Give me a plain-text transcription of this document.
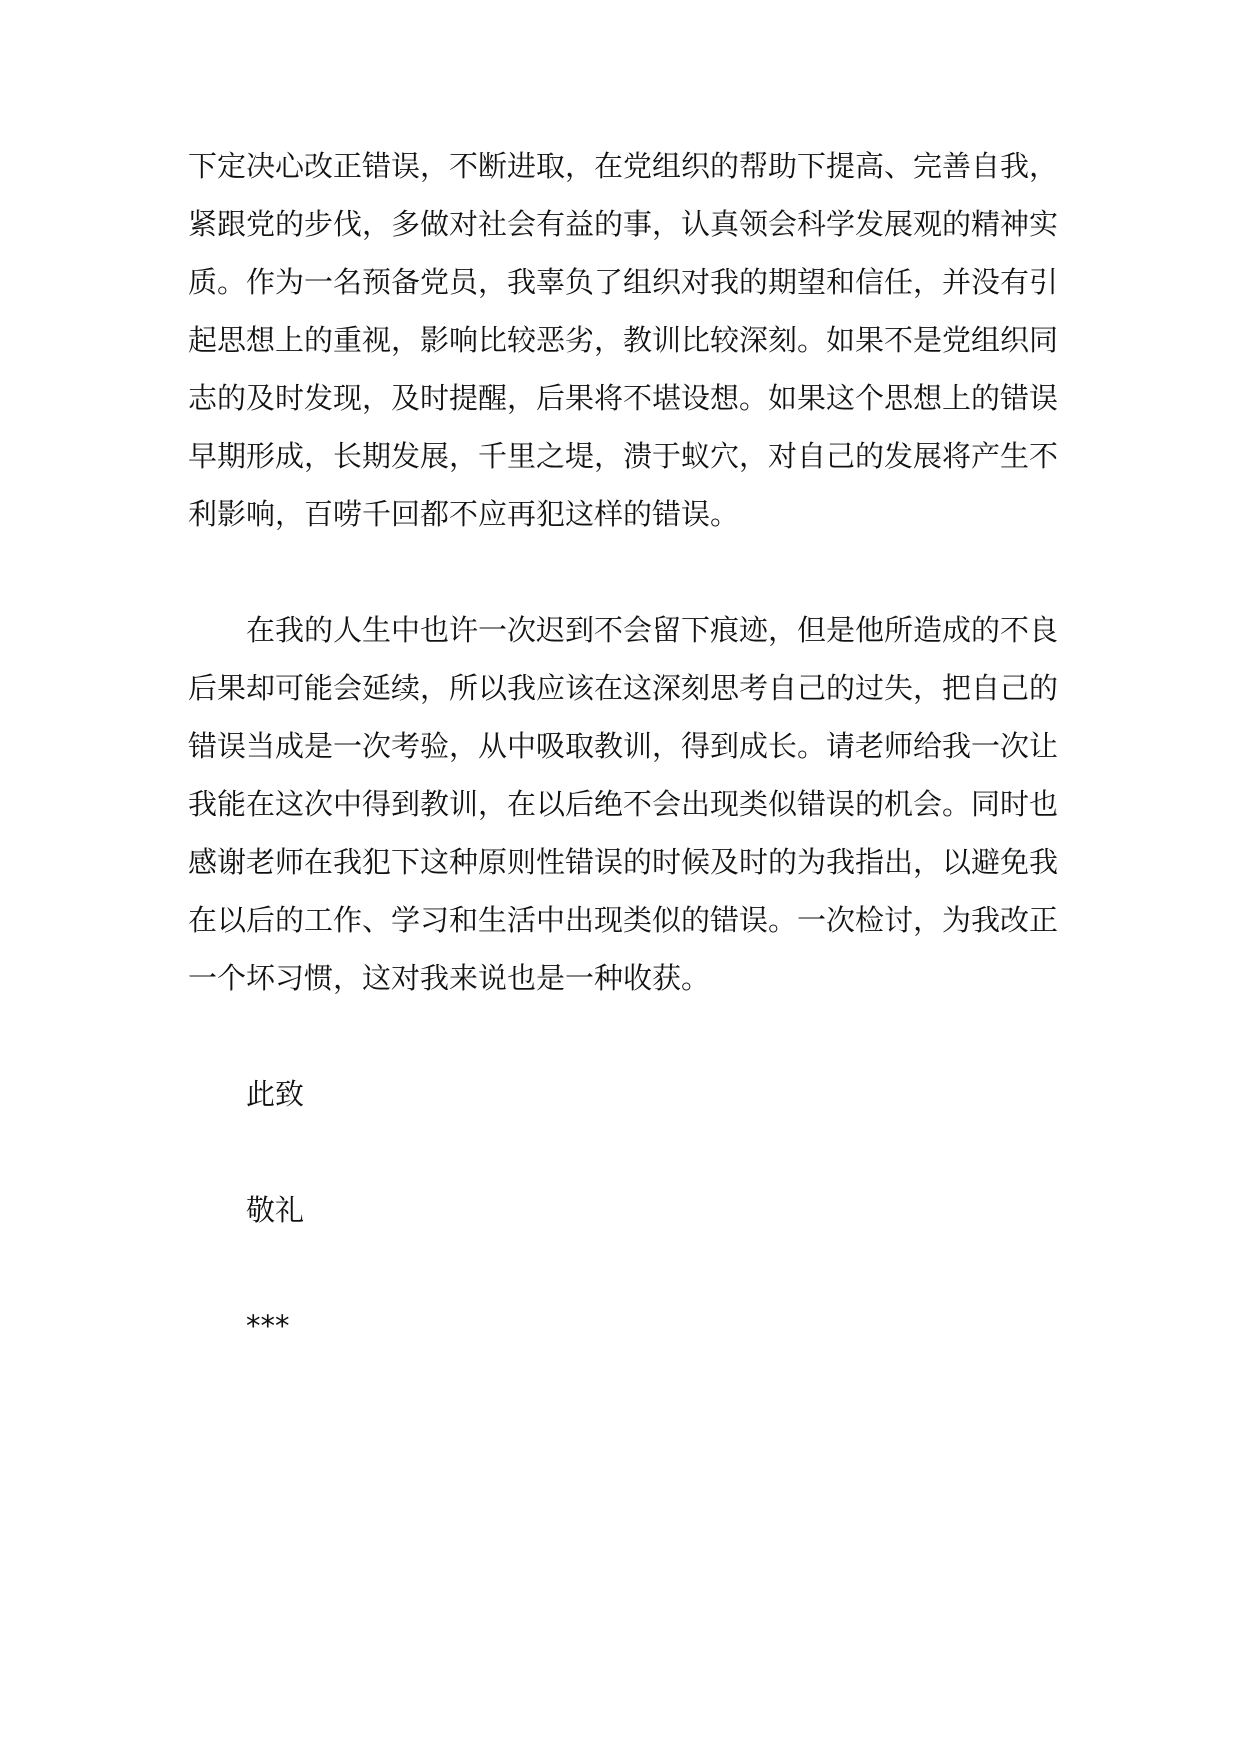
下定决心改正错误，不断进取，在党组织的帮助下提高、完善自我，
紧跟党的步伐，多做对社会有益的事，认真领会科学发展观的精神实
质。作为一名预备党员，我辜负了组织对我的期望和信任，并没有引
起思想上的重视，影响比较恶劣，教训比较深刻。如果不是党组织同
志的及时发现，及时提醒，后果将不堪设想。如果这个思想上的错误
早期形成，长期发展，千里之堤，溃于蚁穴，对自己的发展将产生不
利影响，百唠千回都不应再犯这样的错误。
在我的人生中也许一次迟到不会留下痕迹，但是他所造成的不良
后果却可能会延续，所以我应该在这深刻思考自己的过失，把自己的
错误当成是一次考验，从中吸取教训，得到成长。请老师给我一次让
我能在这次中得到教训，在以后绝不会出现类似错误的机会。同时也
感谢老师在我犯下这种原则性错误的时候及时的为我指出，以避免我
在以后的工作、学习和生活中出现类似的错误。一次检讨，为我改正
一个坏习惯，这对我来说也是一种收获。
此致
敬礼
***
